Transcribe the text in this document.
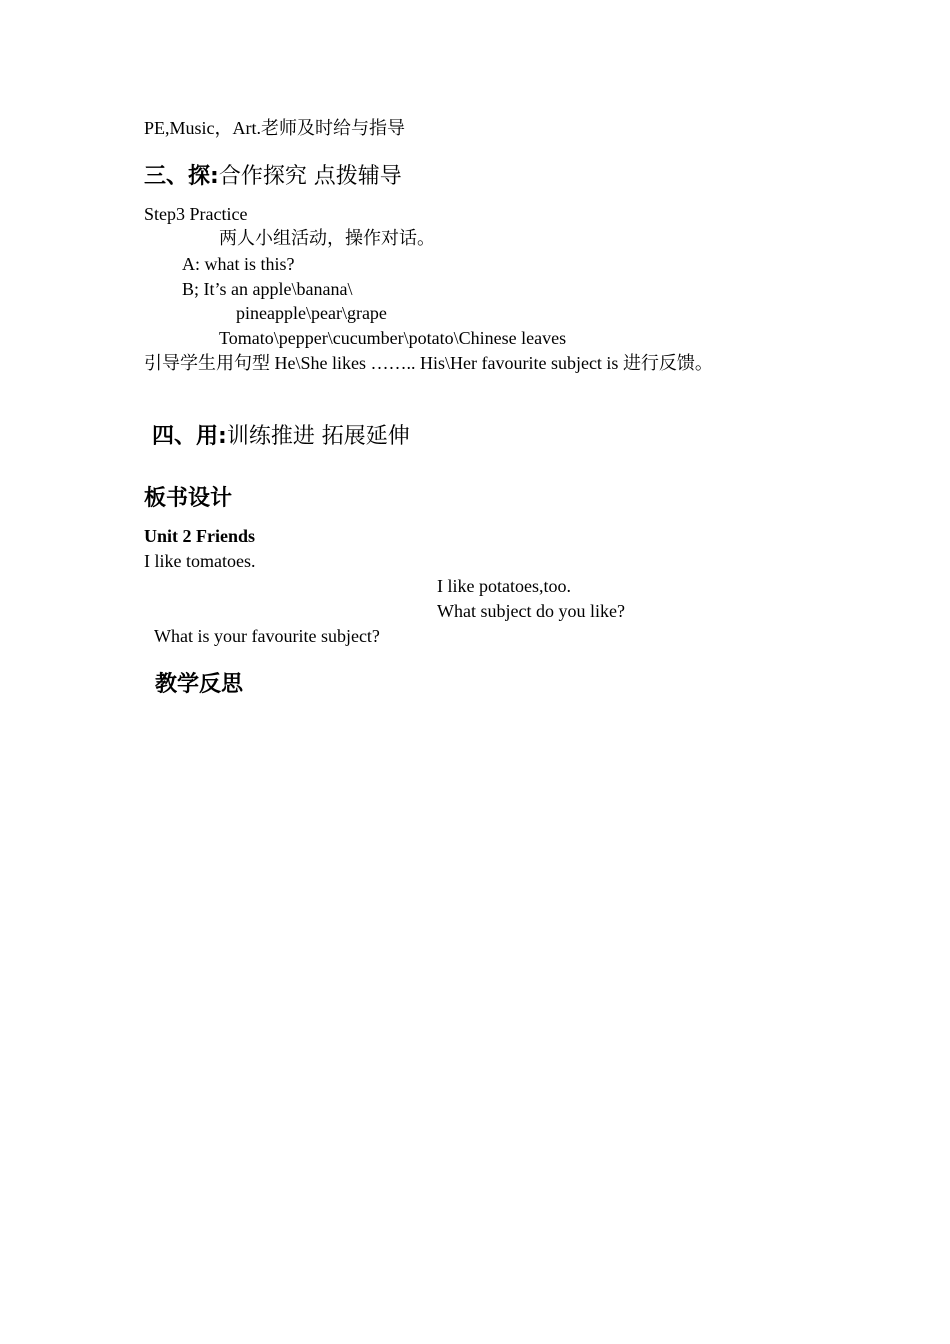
PE,Music，Art.老师及时给与指导
三、探:合作探究 点拨辅导
Step3 Practice
两人小组活动，操作对话。
A: what is this?
B; It’s an apple\banana\
pineapple\pear\grape
Tomato\pepper\cucumber\potato\Chinese leaves
引导学生用句型 He\She likes …….. His\Her favourite subject is 进行反馈。
四、用:训练推进 拓展延伸
板书设计
Unit 2 Friends
I like tomatoes.
I like potatoes,too.
What subject do you like?
What is your favourite subject?
教学反思
